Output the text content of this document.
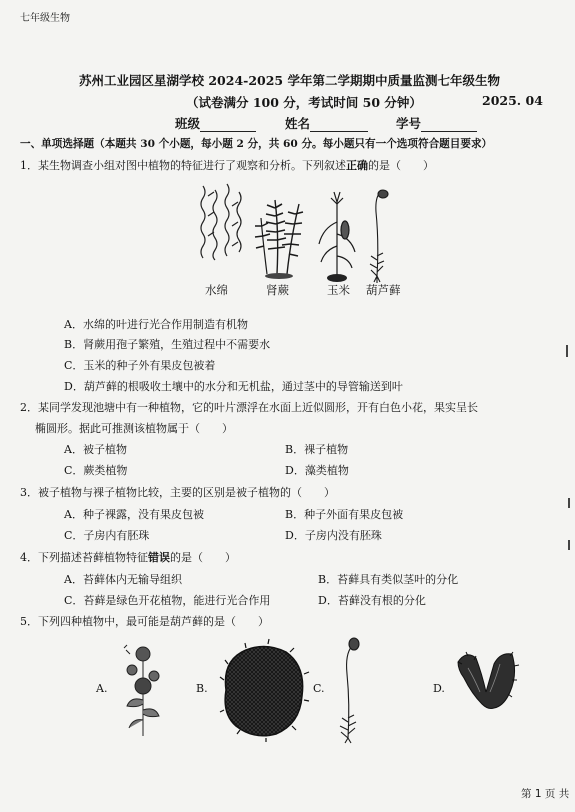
七年级生物
苏州工业园区星湖学校 2024-2025 学年第二学期期中质量监测七年级生物
（试卷满分 100 分，考试时间 50 分钟）	2025. 04
班级	姓名	学号
一、单项选择题（本题共 30 个小题，每小题 2 分，共 60 分。每小题只有一个选项符合题目要求）
1．某生物调查小组对图中植物的特征进行了观察和分析。下列叙述正确的是（　　）
水绵	肾蕨	玉米 葫芦藓
A．水绵的叶进行光合作用制造有机物
B．肾蕨用孢子繁殖，生殖过程中不需要水
C．玉米的种子外有果皮包被着
D．葫芦藓的根吸收土壤中的水分和无机盐，通过茎中的导管输送到叶
2．某同学发现池塘中有一种植物，它的叶片漂浮在水面上近似圆形，开有白色小花，果实呈长
椭圆形。据此可推测该植物属于（　　）
A．被子植物	B．裸子植物
C．蕨类植物	D．藻类植物
3．被子植物与裸子植物比较，主要的区别是被子植物的（　　）
A．种子裸露，没有果皮包被	B．种子外面有果皮包被
C．子房内有胚珠	D．子房内没有胚珠
4．下列描述苔藓植物特征错误的是（　　）
A．苔藓体内无输导组织	B．苔藓具有类似茎叶的分化
C．苔藓是绿色开花植物，能进行光合作用	D．苔藓没有根的分化
5．下列四种植物中，最可能是葫芦藓的是（　　）
A.	B.	C.	D.
第 1 页 共
